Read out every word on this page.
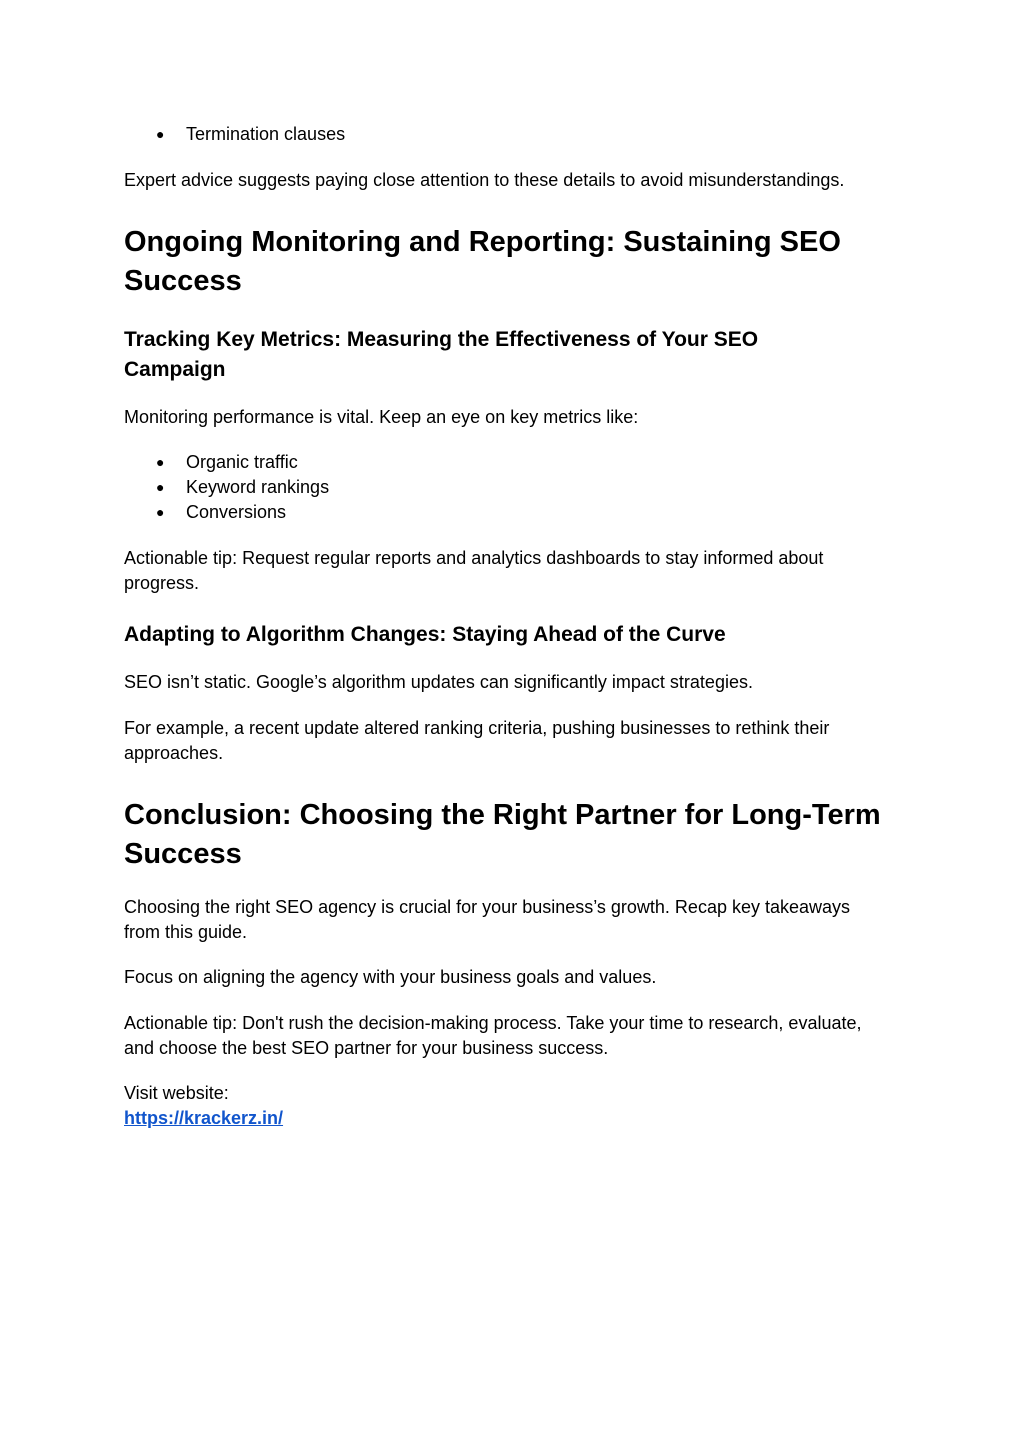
● Termination clauses

Expert advice suggests paying close attention to these details to avoid misunderstandings.

Ongoing Monitoring and Reporting: Sustaining SEO
Success
Tracking Key Metrics: Measuring the Effectiveness of Your SEO
Campaign

Monitoring performance is vital. Keep an eye on key metrics like:

● Organic traffic
● Keyword rankings
● Conversions

Actionable tip: Request regular reports and analytics dashboards to stay informed about

progress.

Adapting to Algorithm Changes: Staying Ahead of the Curve

SEO isn’t static. Google’s algorithm updates can significantly impact strategies.

For example, a recent update altered ranking criteria, pushing businesses to rethink their

approaches.

Conclusion: Choosing the Right Partner for Long-Term
Success

Choosing the right SEO agency is crucial for your business’s growth. Recap key takeaways

from this guide.

Focus on aligning the agency with your business goals and values.

Actionable tip: Don't rush the decision-making process. Take your time to research, evaluate,

and choose the best SEO partner for your business success.

Visit website:

https://krackerz.in/
